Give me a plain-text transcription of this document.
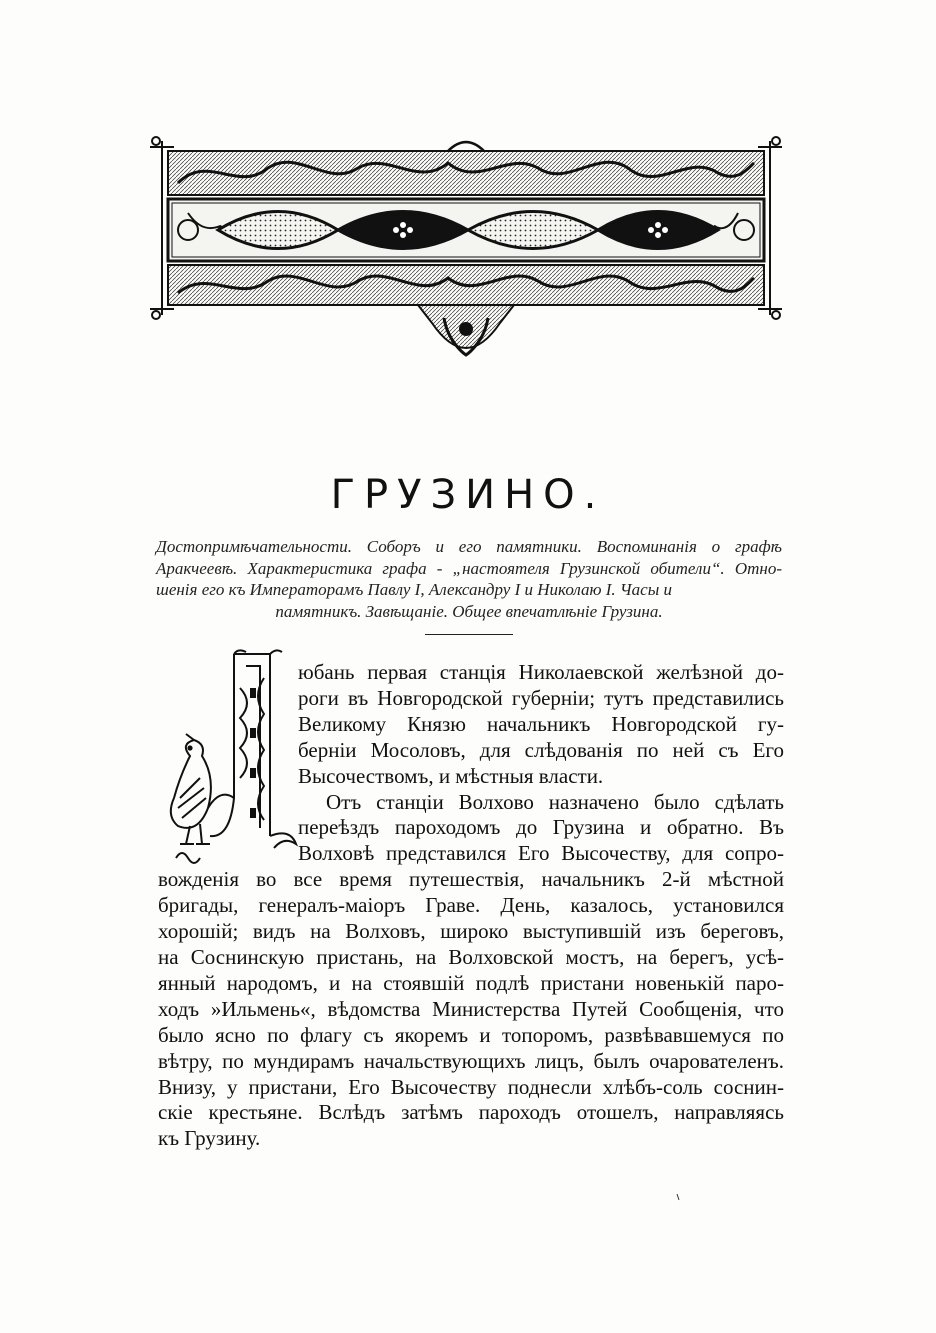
ГРУЗИНО.

Достопримѣчательности. Соборъ и его памятники. Воспоминанія о графѣ Аракчеевѣ. Характеристика графа - „настоятеля Грузинской обители“. Отно- шенія его къ Императорамъ Павлу I, Александру I и Николаю I. Часы и
памятникъ. Завѣщаніе. Общее впечатлѣніе Грузина.

Л
юбань первая станція Николаевской желѣзной до-
роги въ Новгородской губерніи; тутъ представились
Великому Князю начальникъ Новгородской гу-
берніи Мосоловъ, для слѣдованія по ней съ Его
Высочествомъ, и мѣстныя власти.
Отъ станціи Волхово назначено было сдѣлать
переѣздъ пароходомъ до Грузина и обратно. Въ
Волховѣ представился Его Высочеству, для сопро-
вожденія во все время путешествія, начальникъ 2-й мѣстной
бригады, генералъ-маіоръ Граве. День, казалось, установился
хорошій; видъ на Волховъ, широко выступившій изъ береговъ,
на Соснинскую пристань, на Волховской мостъ, на берегъ, усѣ-
янный народомъ, и на стоявшій подлѣ пристани новенькій паро-
ходъ »Ильмень«, вѣдомства Министерства Путей Сообщенія, что
было ясно по флагу съ якоремъ и топоромъ, развѣвавшемуся по
вѣтру, по мундирамъ начальствующихъ лицъ, былъ очарователенъ.
Внизу, у пристани, Его Высочеству поднесли хлѣбъ-соль соснин-
скіе крестьяне. Вслѣдъ затѣмъ пароходъ отошелъ, направляясь
къ Грузину.
